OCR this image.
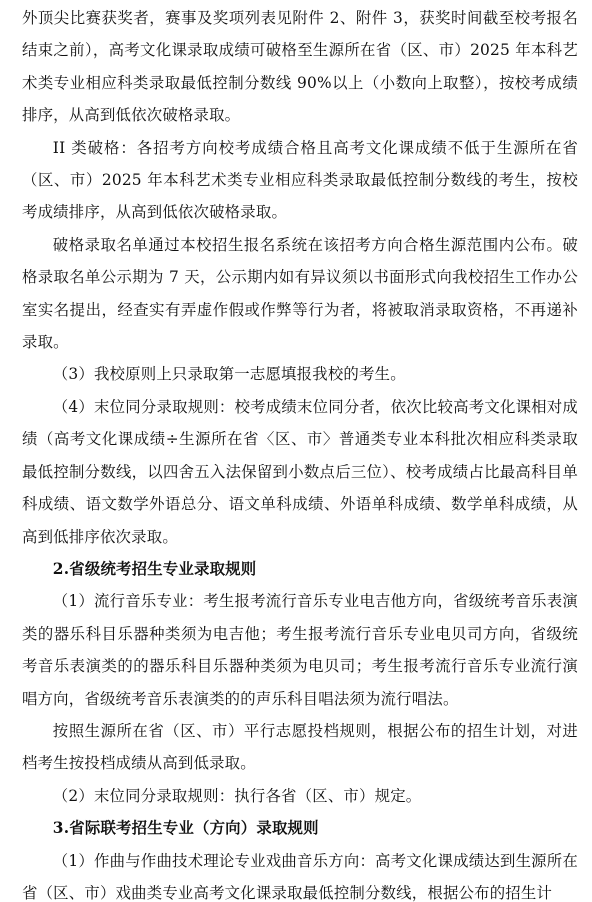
外顶尖比赛获奖者，赛事及奖项列表见附件 2、附件 3，获奖时间截至校考报名结束之前），高考文化课录取成绩可破格至生源所在省（区、市）2025 年本科艺术类专业相应科类录取最低控制分数线 90%以上（小数向上取整），按校考成绩排序，从高到低依次破格录取。

II 类破格：各招考方向校考成绩合格且高考文化课成绩不低于生源所在省（区、市）2025 年本科艺术类专业相应科类录取最低控制分数线的考生，按校考成绩排序，从高到低依次破格录取。

破格录取名单通过本校招生报名系统在该招考方向合格生源范围内公布。破格录取名单公示期为 7 天，公示期内如有异议须以书面形式向我校招生工作办公室实名提出，经查实有弄虚作假或作弊等行为者，将被取消录取资格，不再递补录取。

（3）我校原则上只录取第一志愿填报我校的考生。

（4）末位同分录取规则：校考成绩末位同分者，依次比较高考文化课相对成绩（高考文化课成绩÷生源所在省〈区、市〉普通类专业本科批次相应科类录取最低控制分数线，以四舍五入法保留到小数点后三位）、校考成绩占比最高科目单科成绩、语文数学外语总分、语文单科成绩、外语单科成绩、数学单科成绩，从高到低排序依次录取。

2.省级统考招生专业录取规则

（1）流行音乐专业：考生报考流行音乐专业电吉他方向，省级统考音乐表演类的器乐科目乐器种类须为电吉他；考生报考流行音乐专业电贝司方向，省级统考音乐表演类的的器乐科目乐器种类须为电贝司；考生报考流行音乐专业流行演唱方向，省级统考音乐表演类的的声乐科目唱法须为流行唱法。

按照生源所在省（区、市）平行志愿投档规则，根据公布的招生计划，对进档考生按投档成绩从高到低录取。

（2）末位同分录取规则：执行各省（区、市）规定。

3.省际联考招生专业（方向）录取规则

（1）作曲与作曲技术理论专业戏曲音乐方向：高考文化课成绩达到生源所在省（区、市）戏曲类专业高考文化课录取最低控制分数线，根据公布的招生计
